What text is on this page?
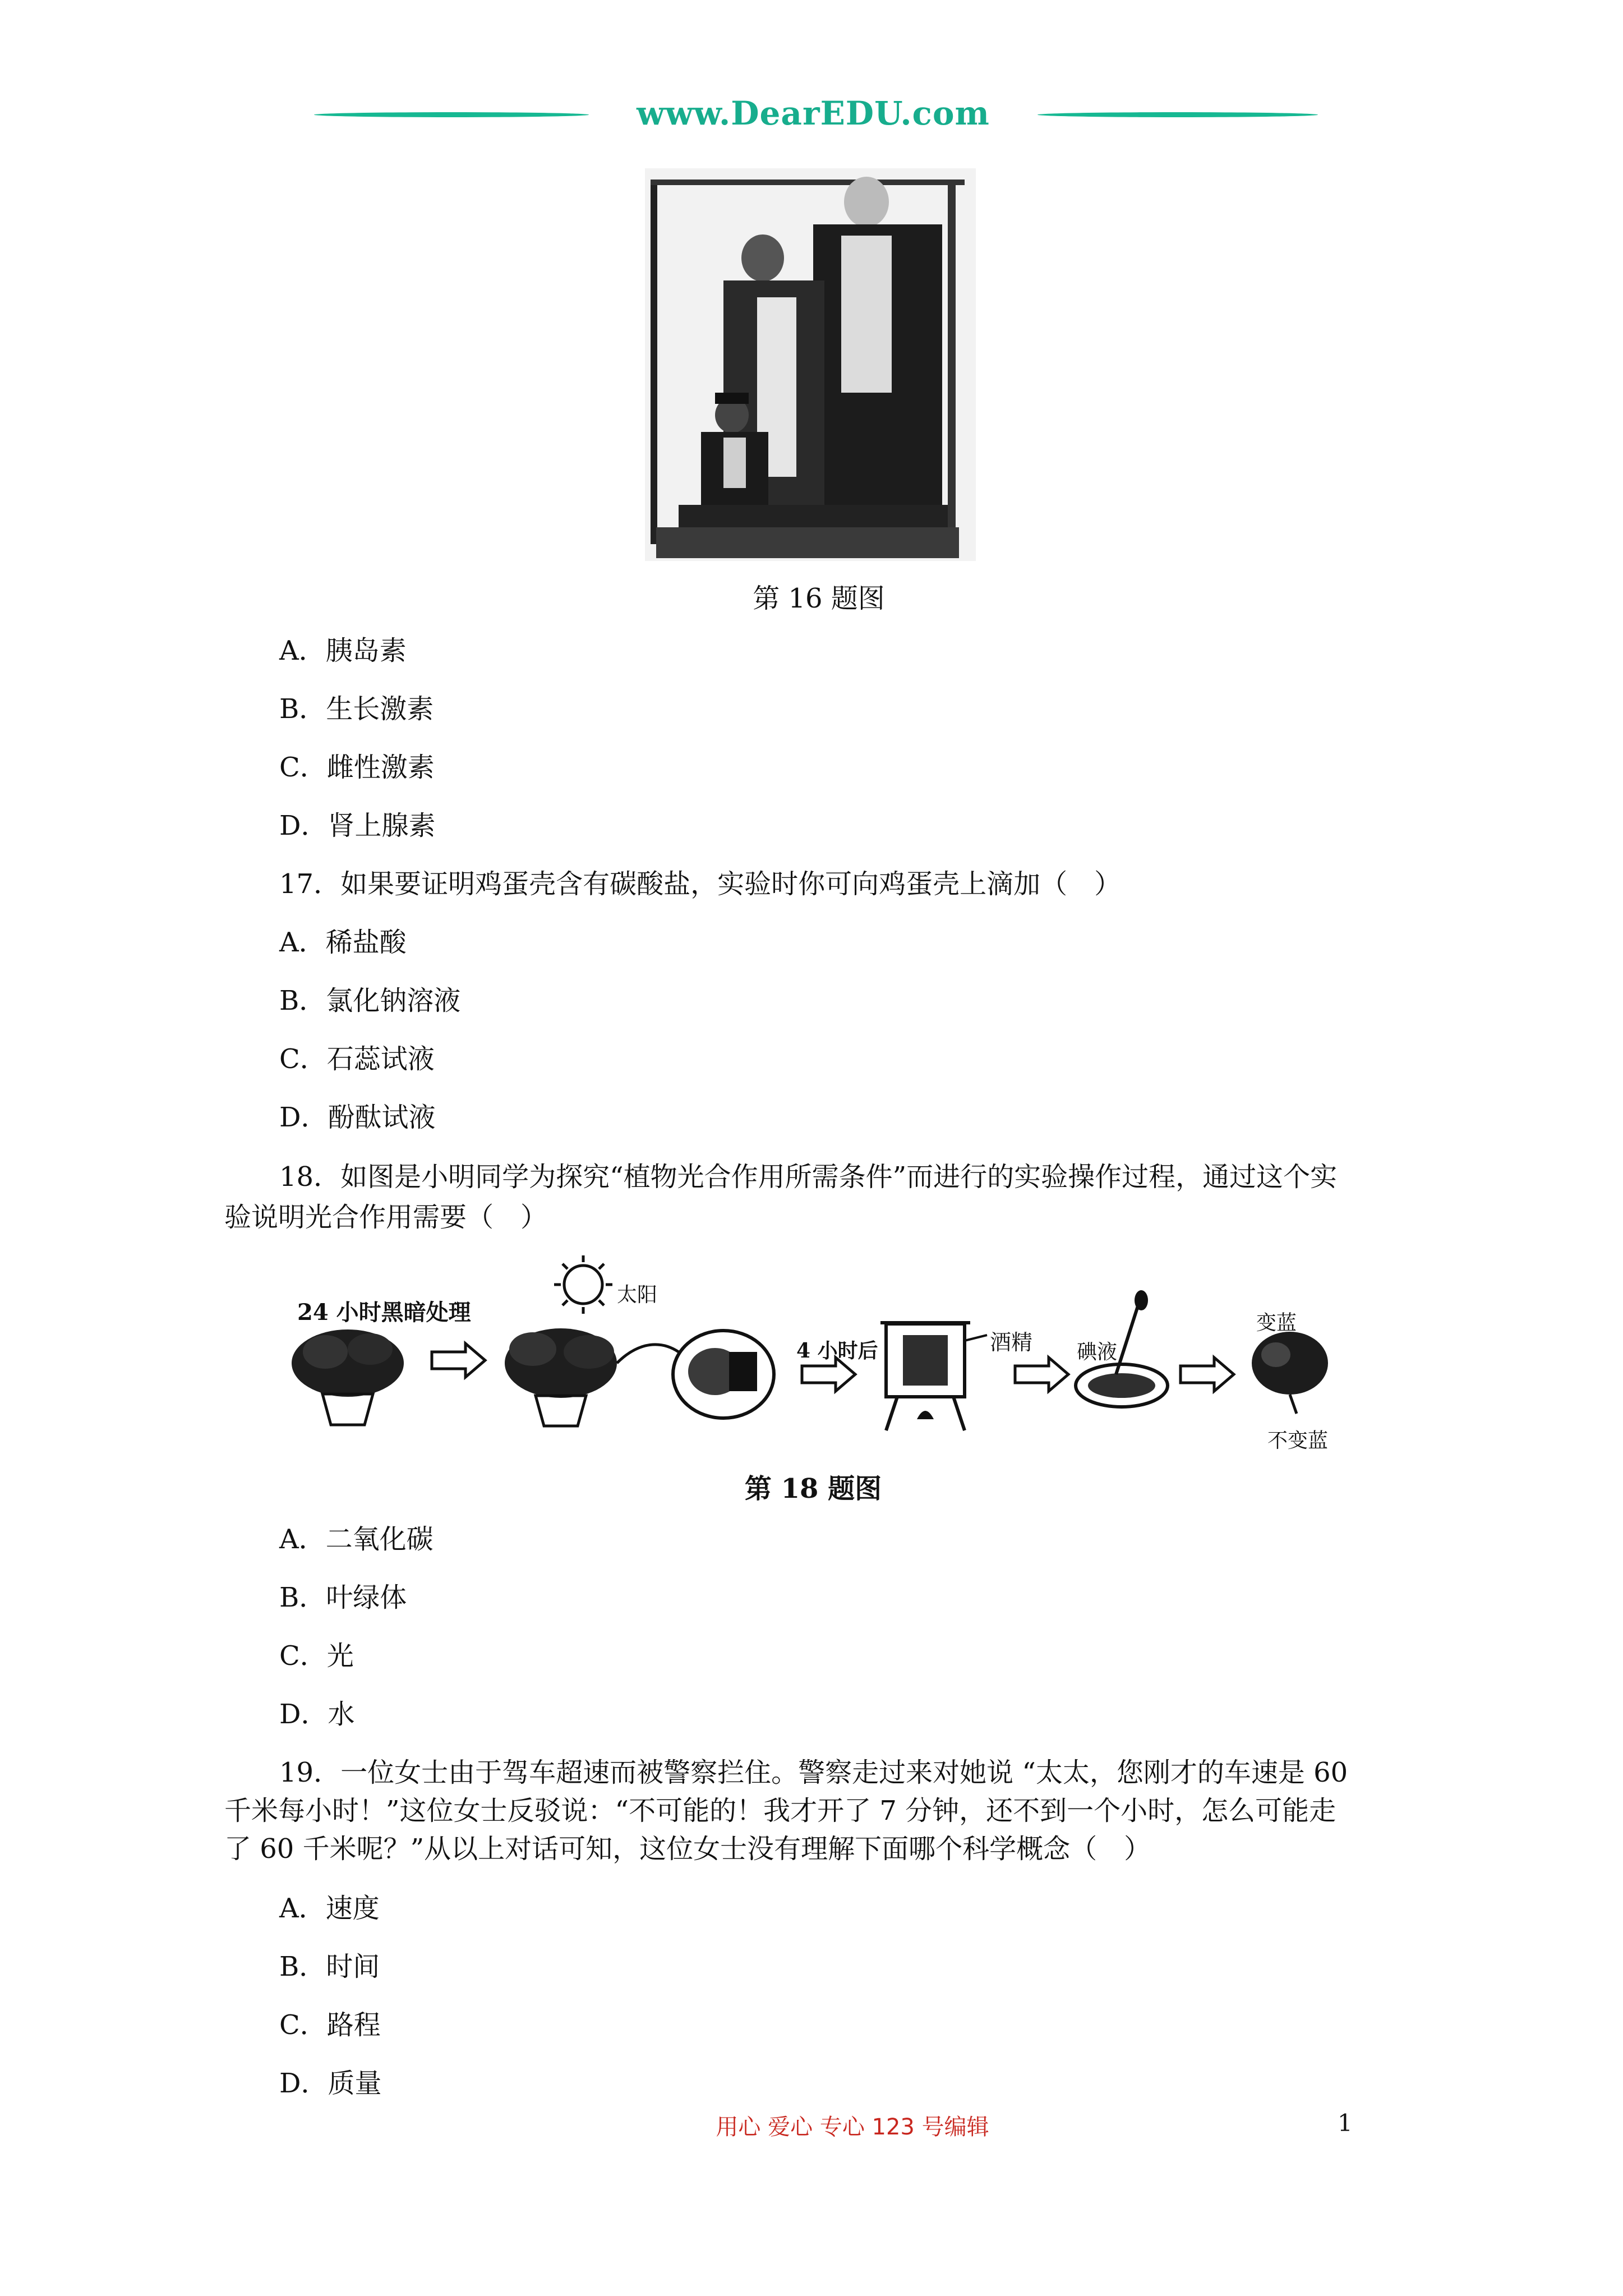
www.DearEDU.com
第 16 题图
A．胰岛素
B．生长激素
C．雌性激素
D．肾上腺素
17．如果要证明鸡蛋壳含有碳酸盐，实验时你可向鸡蛋壳上滴加（　）
A．稀盐酸
B．氯化钠溶液
C．石蕊试液
D．酚酞试液
18．如图是小明同学为探究“植物光合作用所需条件”而进行的实验操作过程，通过这个实
验说明光合作用需要（　）
24 小时黑暗处理
太阳
4 小时后	酒精 碘液
变蓝
不变蓝
第 18 题图
A．二氧化碳
B．叶绿体
C．光
D．水
19．一位女士由于驾车超速而被警察拦住。警察走过来对她说 “太太，您刚才的车速是 60
千米每小时！”这位女士反驳说：“不可能的！我才开了 7 分钟，还不到一个小时，怎么可能走
了 60 千米呢？”从以上对话可知，这位女士没有理解下面哪个科学概念（　）
A．速度
B．时间
C．路程
D．质量
用心 爱心 专心 123 号编辑	1
